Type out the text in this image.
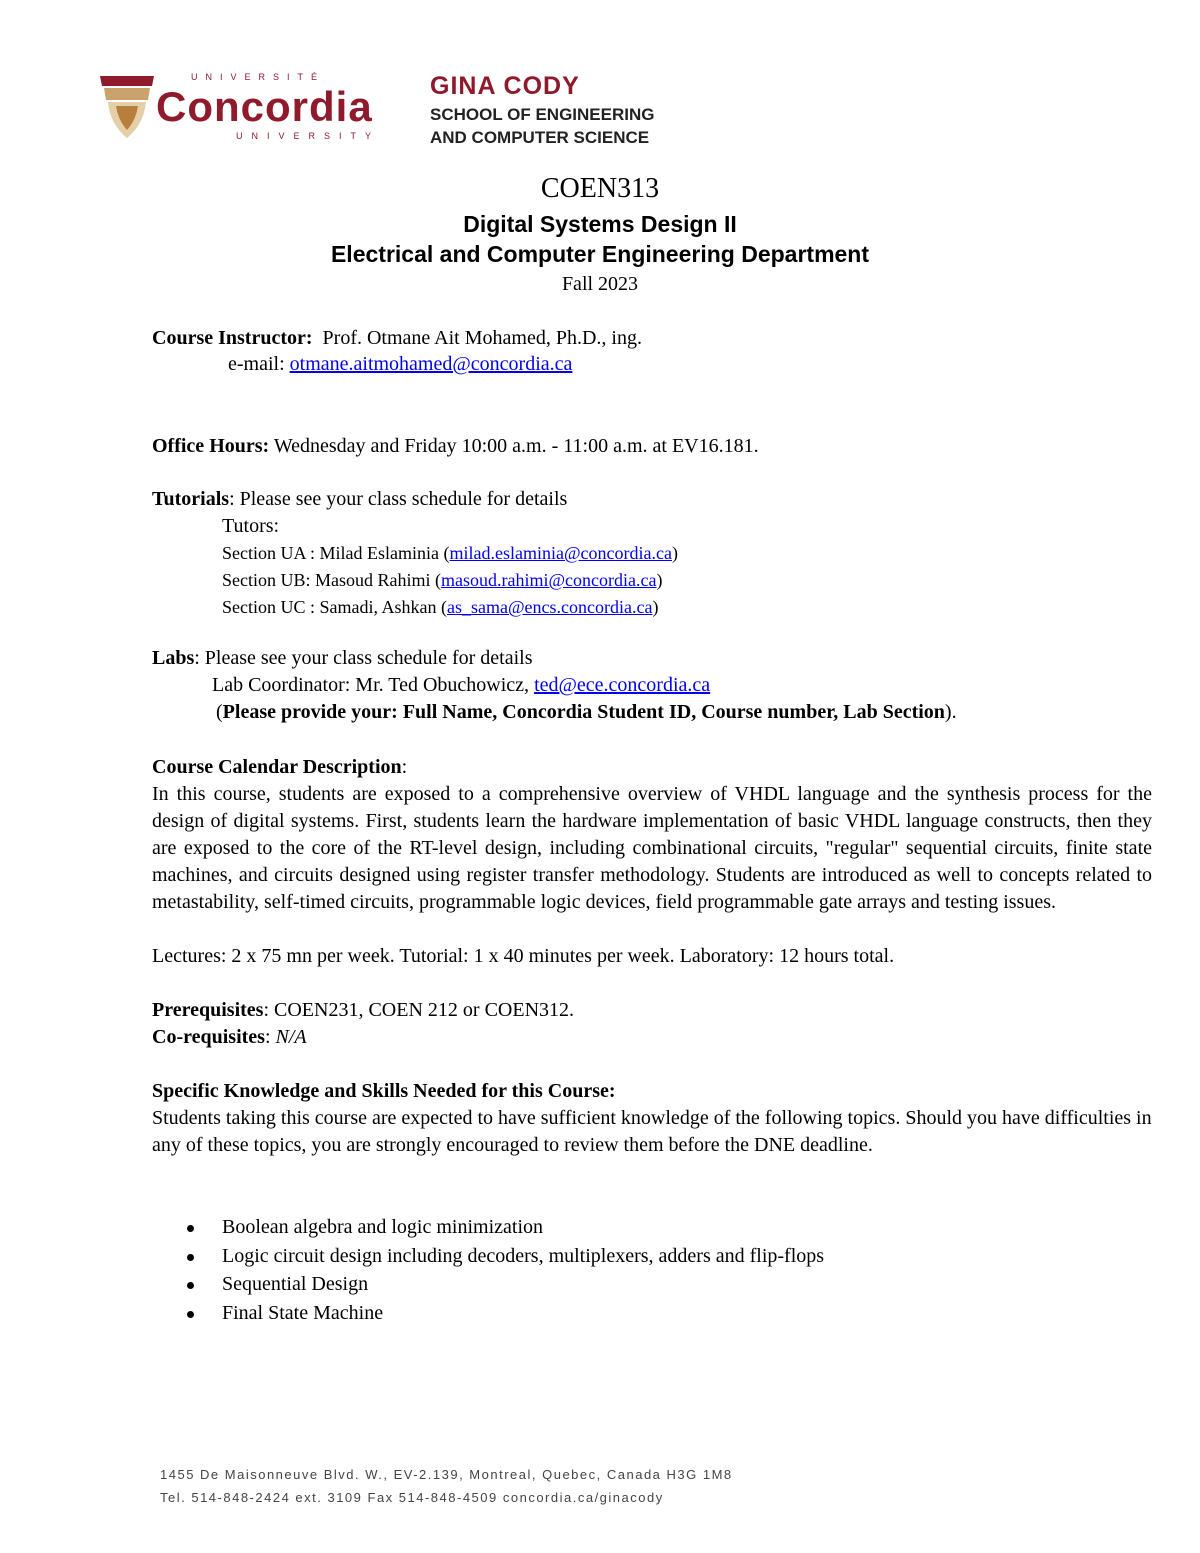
UNIVERSITÉ
Concordia
UNIVERSITY
GINA CODY
SCHOOL OF ENGINEERING
AND COMPUTER SCIENCE
COEN313
Digital Systems Design II
Electrical and Computer Engineering Department
Fall 2023
Course Instructor: Prof. Otmane Ait Mohamed, Ph.D., ing.
e-mail: otmane.aitmohamed@concordia.ca
Office Hours: Wednesday and Friday 10:00 a.m. - 11:00 a.m. at EV16.181.
Tutorials: Please see your class schedule for details
Tutors:
Section UA : Milad Eslaminia (milad.eslaminia@concordia.ca)
Section UB: Masoud Rahimi (masoud.rahimi@concordia.ca)
Section UC : Samadi, Ashkan (as_sama@encs.concordia.ca)
Labs: Please see your class schedule for details
Lab Coordinator: Mr. Ted Obuchowicz, ted@ece.concordia.ca
(Please provide your: Full Name, Concordia Student ID, Course number, Lab Section).
Course Calendar Description:
In this course, students are exposed to a comprehensive overview of VHDL language and the synthesis process for the design of digital systems. First, students learn the hardware implementation of basic VHDL language constructs, then they are exposed to the core of the RT-level design, including combinational circuits, "regular" sequential circuits, finite state machines, and circuits designed using register transfer methodology. Students are introduced as well to concepts related to metastability, self-timed circuits, programmable logic devices, field programmable gate arrays and testing issues.
Lectures: 2 x 75 mn per week. Tutorial: 1 x 40 minutes per week. Laboratory: 12 hours total.
Prerequisites: COEN231, COEN 212 or COEN312.
Co-requisites: N/A
Specific Knowledge and Skills Needed for this Course:
Students taking this course are expected to have sufficient knowledge of the following topics. Should you have difficulties in any of these topics, you are strongly encouraged to review them before the DNE deadline.
Boolean algebra and logic minimization
Logic circuit design including decoders, multiplexers, adders and flip-flops
Sequential Design
Final State Machine
1455 De Maisonneuve Blvd. W., EV-2.139, Montreal, Quebec, Canada H3G 1M8
Tel. 514-848-2424 ext. 3109 Fax 514-848-4509 concordia.ca/ginacody
